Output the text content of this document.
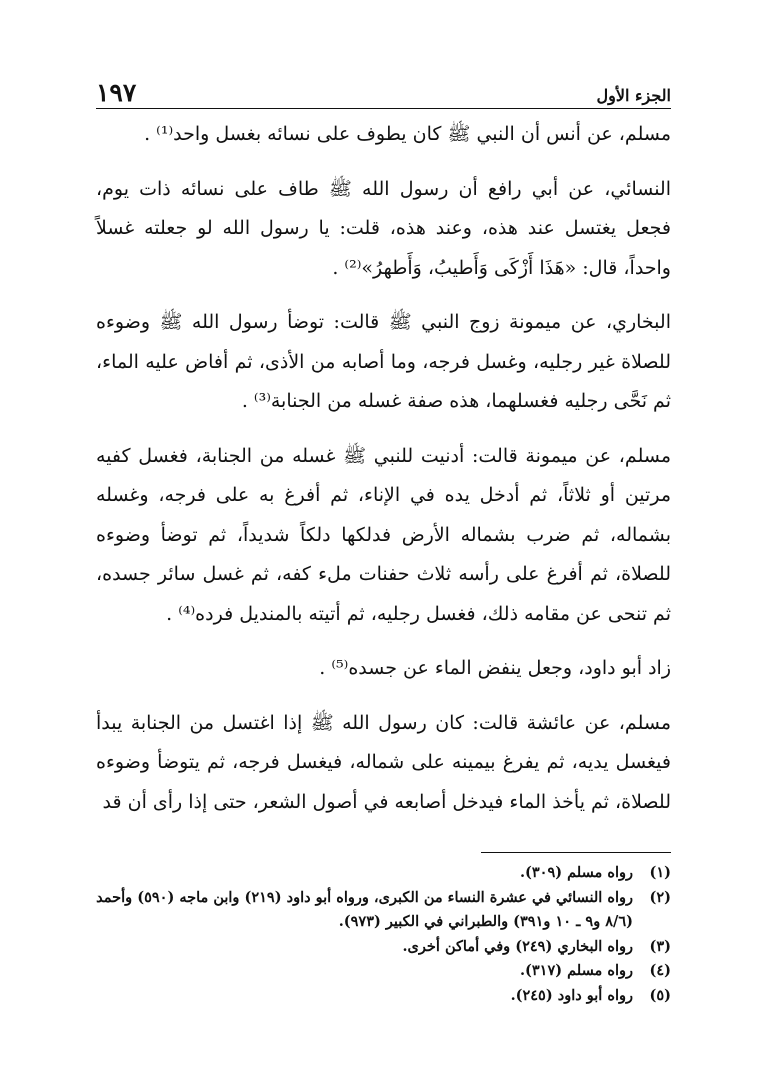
الجزء الأول
١٩٧

مسلم، عن أنس أن النبي ﷺ كان يطوف على نسائه بغسل واحد⁽¹⁾ .

النسائي، عن أبي رافع أن رسول الله ﷺ طاف على نسائه ذات يوم، فجعل يغتسل عند هذه، وعند هذه، قلت: يا رسول الله لو جعلته غسلاً واحداً، قال: «هَذَا أَزْكَى وَأَطيبُ، وَأَطهرُ»⁽²⁾ .

البخاري، عن ميمونة زوج النبي ﷺ قالت: توضأ رسول الله ﷺ وضوءه للصلاة غير رجليه، وغسل فرجه، وما أصابه من الأذى، ثم أفاض عليه الماء، ثم نَحَّى رجليه فغسلهما، هذه صفة غسله من الجنابة⁽³⁾ .

مسلم، عن ميمونة قالت: أدنيت للنبي ﷺ غسله من الجنابة، فغسل كفيه مرتين أو ثلاثاً، ثم أدخل يده في الإناء، ثم أفرغ به على فرجه، وغسله بشماله، ثم ضرب بشماله الأرض فدلكها دلكاً شديداً، ثم توضأ وضوءه للصلاة، ثم أفرغ على رأسه ثلاث حفنات ملء كفه، ثم غسل سائر جسده، ثم تنحى عن مقامه ذلك، فغسل رجليه، ثم أتيته بالمنديل فرده⁽⁴⁾ .

زاد أبو داود، وجعل ينفض الماء عن جسده⁽⁵⁾ .

مسلم، عن عائشة قالت: كان رسول الله ﷺ إذا اغتسل من الجنابة يبدأ فيغسل يديه، ثم يفرغ بيمينه على شماله، فيغسل فرجه، ثم يتوضأ وضوءه للصلاة، ثم يأخذ الماء فيدخل أصابعه في أصول الشعر، حتى إذا رأى أن قد

(١)
رواه مسلم (٣٠٩).
(٢)
رواه النسائي في عشرة النساء من الكبرى، ورواه أبو داود (٢١٩) وابن ماجه (٥٩٠) وأحمد (٨/٦ و٩ ـ ١٠ و٣٩١) والطبراني في الكبير (٩٧٣).
(٣)
رواه البخاري (٢٤٩) وفي أماكن أخرى.
(٤)
رواه مسلم (٣١٧).
(٥)
رواه أبو داود (٢٤٥).
